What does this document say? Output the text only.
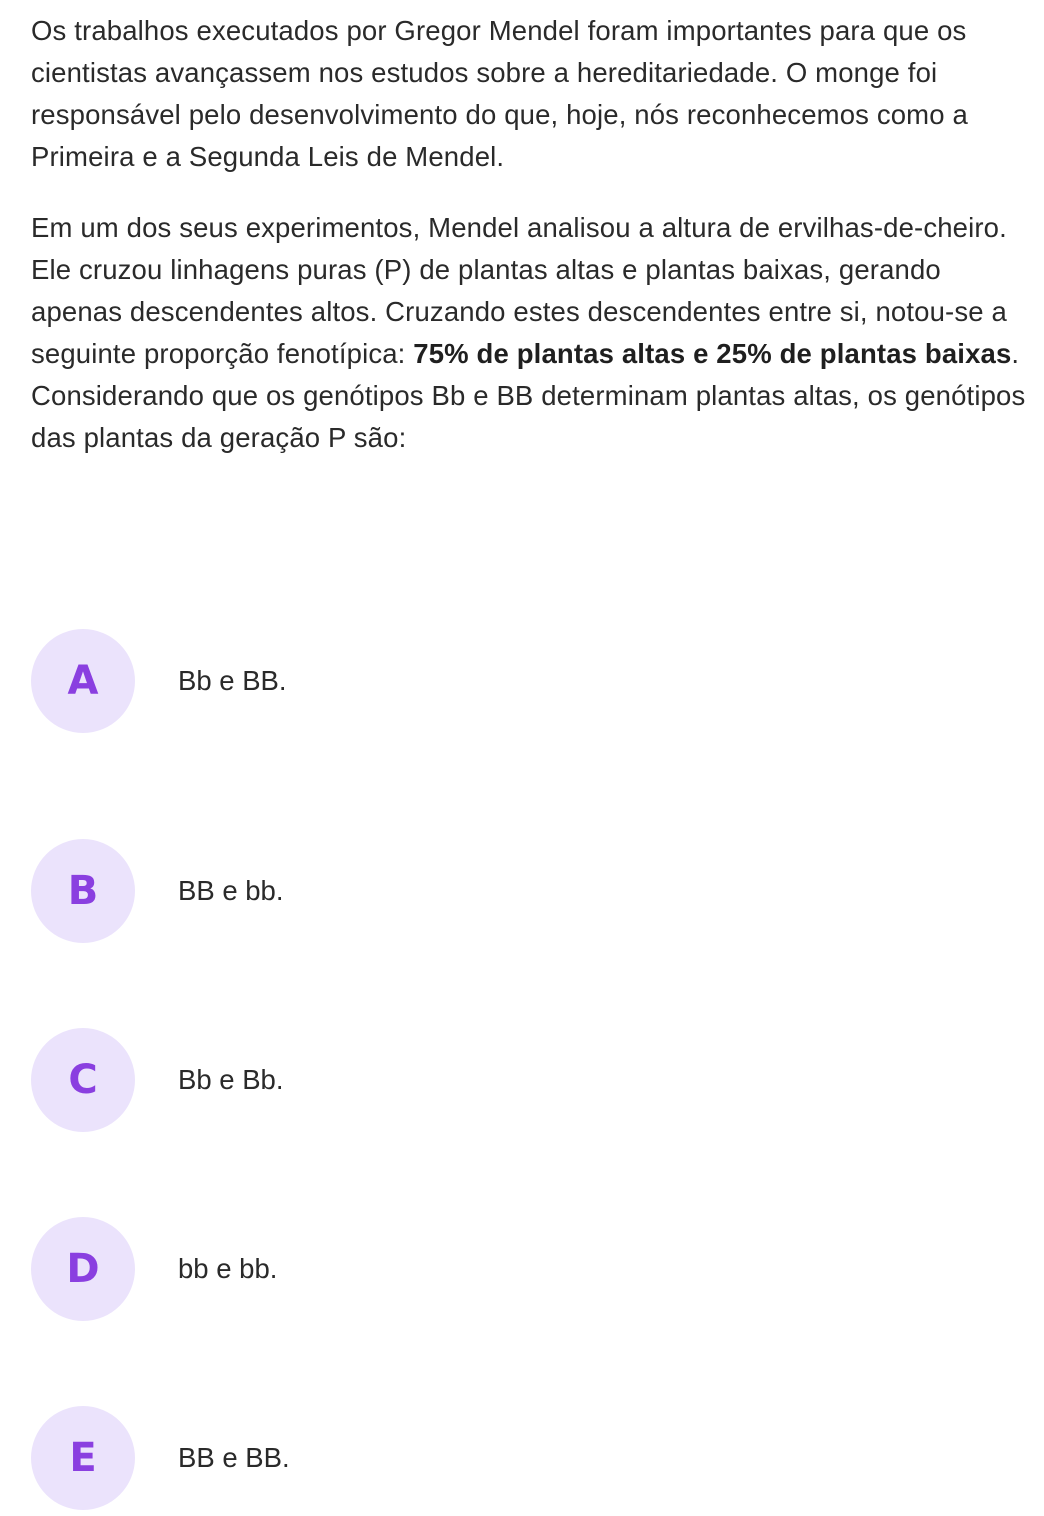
Os trabalhos executados por Gregor Mendel foram importantes para que os cientistas avançassem nos estudos sobre a hereditariedade. O monge foi responsável pelo desenvolvimento do que, hoje, nós reconhecemos como a Primeira e a Segunda Leis de Mendel.

Em um dos seus experimentos, Mendel analisou a altura de ervilhas-de-cheiro. Ele cruzou linhagens puras (P) de plantas altas e plantas baixas, gerando apenas descendentes altos. Cruzando estes descendentes entre si, notou-se a seguinte proporção fenotípica: 75% de plantas altas e 25% de plantas baixas.

Considerando que os genótipos Bb e BB determinam plantas altas, os genótipos das plantas da geração P são:

A	Bb e BB.
B	BB e bb.
C	Bb e Bb.
D	bb e bb.
E	BB e BB.
